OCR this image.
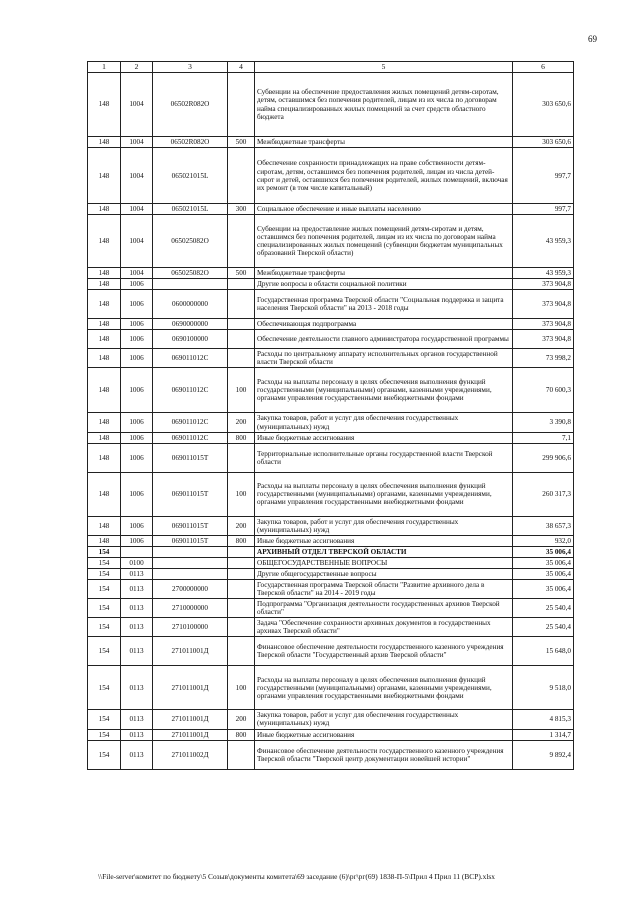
69
1	2	3	4	5	6
148	1004	06502R082O		Субвенции на обеспечение предоставления жилых помещений детям-сиротам, детям, оставшимся без попечения родителей, лицам из их числа по договорам найма специализированных жилых помещений за счет средств областного бюджета	303 650,6
148	1004	06502R082O	500	Межбюджетные трансферты	303 650,6
148	1004	065021015L		Обеспечение сохранности принадлежащих на праве собственности детям-сиротам, детям, оставшимся без попечения родителей, лицам из числа детей-сирот и детей, оставшихся без попечения родителей, жилых помещений, включая их ремонт (в том числе капитальный)	997,7
148	1004	065021015L	300	Социальное обеспечение и иные выплаты населению	997,7
148	1004	065025082O		Субвенции на предоставление жилых помещений детям-сиротам и детям, оставшимся без попечения родителей, лицам из их числа по договорам найма специализированных жилых помещений (субвенции бюджетам муниципальных образований Тверской области)	43 959,3
148	1004	065025082O	500	Межбюджетные трансферты	43 959,3
148	1006			Другие вопросы в области социальной политики	373 904,8
148	1006	0600000000		Государственная программа Тверской области "Социальная поддержка и защита населения Тверской области" на 2013 - 2018 годы	373 904,8
148	1006	0690000000		Обеспечивающая подпрограмма	373 904,8
148	1006	0690100000		Обеспечение деятельности главного администратора государственной программы	373 904,8
148	1006	069011012C		Расходы по центральному аппарату исполнительных органов государственной власти Тверской области	73 998,2
148	1006	069011012C	100	Расходы на выплаты персоналу в целях обеспечения выполнения функций государственными (муниципальными) органами, казенными учреждениями, органами управления государственными внебюджетными фондами	70 600,3
148	1006	069011012C	200	Закупка товаров, работ и услуг для обеспечения государственных (муниципальных) нужд	3 390,8
148	1006	069011012C	800	Иные бюджетные ассигнования	7,1
148	1006	069011015T		Территориальные исполнительные органы государственной власти Тверской области	299 906,6
148	1006	069011015T	100	Расходы на выплаты персоналу в целях обеспечения выполнения функций государственными (муниципальными) органами, казенными учреждениями, органами управления государственными внебюджетными фондами	260 317,3
148	1006	069011015T	200	Закупка товаров, работ и услуг для обеспечения государственных (муниципальных) нужд	38 657,3
148	1006	069011015T	800	Иные бюджетные ассигнования	932,0
154				АРХИВНЫЙ ОТДЕЛ ТВЕРСКОЙ ОБЛАСТИ	35 006,4
154	0100			ОБЩЕГОСУДАРСТВЕННЫЕ ВОПРОСЫ	35 006,4
154	0113			Другие общегосударственные вопросы	35 006,4
154	0113	2700000000		Государственная программа Тверской области "Развитие архивного дела в Тверской области" на 2014 - 2019 годы	35 006,4
154	0113	2710000000		Подпрограмма "Организация деятельности государственных архивов Тверской области"	25 540,4
154	0113	2710100000		Задача "Обеспечение сохранности архивных документов в государственных архивах Тверской области"	25 540,4
154	0113	271011001Д		Финансовое обеспечение деятельности государственного казенного учреждения Тверской области "Государственный архив Тверской области"	15 648,0
154	0113	271011001Д	100	Расходы на выплаты персоналу в целях обеспечения выполнения функций государственными (муниципальными) органами, казенными учреждениями, органами управления государственными внебюджетными фондами	9 518,0
154	0113	271011001Д	200	Закупка товаров, работ и услуг для обеспечения государственных (муниципальных) нужд	4 815,3
154	0113	271011001Д	800	Иные бюджетные ассигнования	1 314,7
154	0113	271011002Д		Финансовое обеспечение деятельности государственного казенного учреждения Тверской области "Тверской центр документации новейшей истории"	9 892,4
\\File-server\комитет по бюджету\5 Созыв\документы комитета\69 заседание (6)\рг\рг(69) 1838-П-5\Прил 4 Прил 11 (ВСР).xlsx
